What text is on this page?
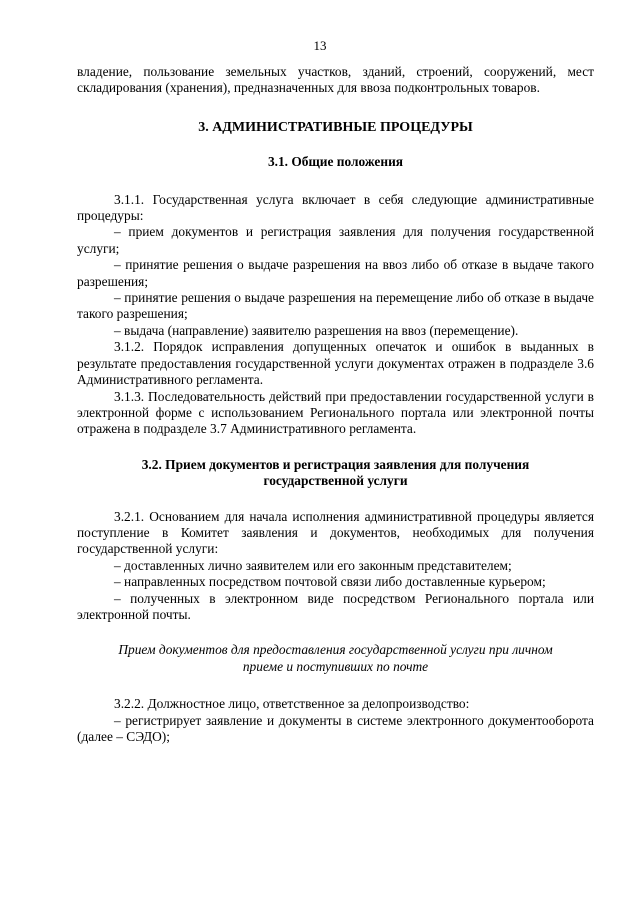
13

владение, пользование земельных участков, зданий, строений, сооружений, мест складирования (хранения), предназначенных для ввоза подконтрольных товаров.

3. АДМИНИСТРАТИВНЫЕ ПРОЦЕДУРЫ

3.1. Общие положения

3.1.1. Государственная услуга включает в себя следующие административные процедуры:

– прием документов и регистрация заявления для получения государственной услуги;

– принятие решения о выдаче разрешения на ввоз либо об отказе в выдаче такого разрешения;

– принятие решения о выдаче разрешения на перемещение либо об отказе в выдаче такого разрешения;

– выдача (направление) заявителю разрешения на ввоз (перемещение).

3.1.2. Порядок исправления допущенных опечаток и ошибок в выданных в результате предоставления государственной услуги документах отражен в подразделе 3.6 Административного регламента.

3.1.3. Последовательность действий при предоставлении государственной услуги в электронной форме с использованием Регионального портала или электронной почты отражена в подразделе 3.7 Административного регламента.

3.2. Прием документов и регистрация заявления для получения
государственной услуги

3.2.1. Основанием для начала исполнения административной процедуры является поступление в Комитет заявления и документов, необходимых для получения государственной услуги:

– доставленных лично заявителем или его законным представителем;

– направленных посредством почтовой связи либо доставленные курьером;

– полученных в электронном виде посредством Регионального портала или электронной почты.

Прием документов для предоставления государственной услуги при личном
приеме и поступивших по почте

3.2.2. Должностное лицо, ответственное за делопроизводство:

– регистрирует заявление и документы в системе электронного документооборота (далее – СЭДО);
